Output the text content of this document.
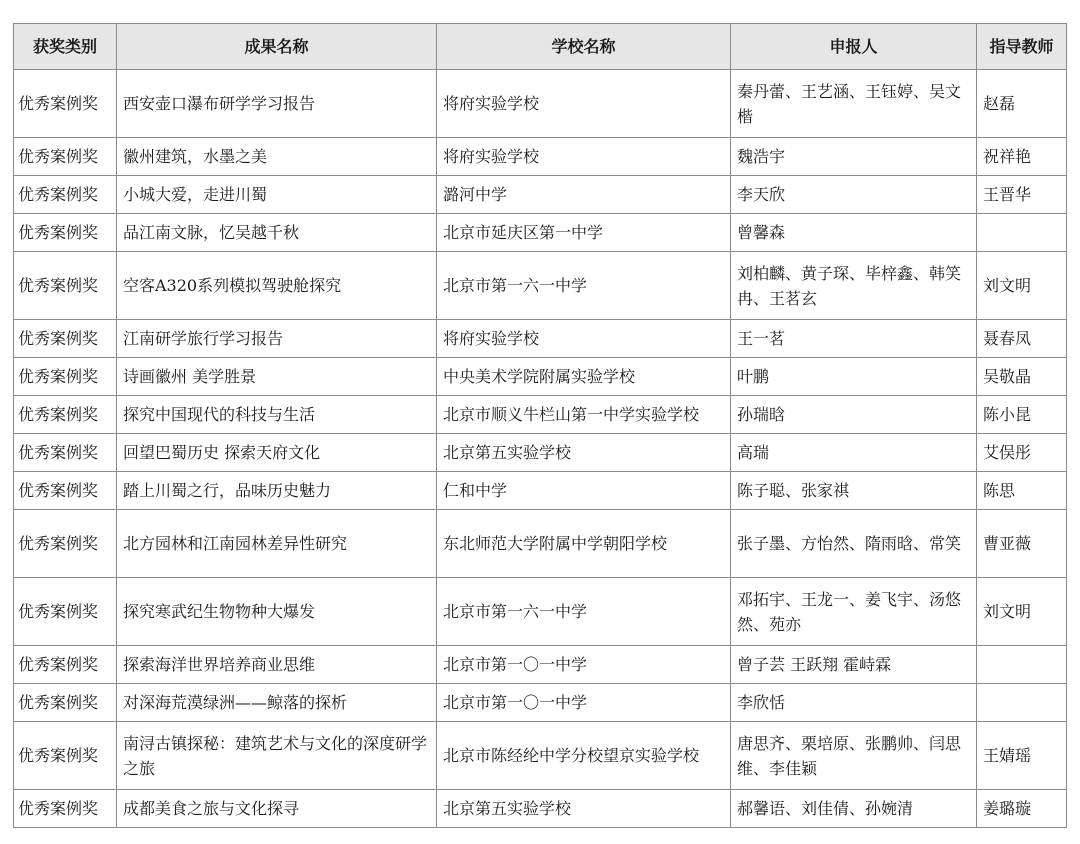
获奖类别	成果名称	学校名称	申报人	指导教师
优秀案例奖	西安壶口瀑布研学学习报告	将府实验学校	秦丹蕾、王艺涵、王钰婷、吴文楷	赵磊
优秀案例奖	徽州建筑，水墨之美	将府实验学校	魏浩宇	祝祥艳
优秀案例奖	小城大爱，走进川蜀	潞河中学	李天欣	王晋华
优秀案例奖	品江南文脉，忆吴越千秋	北京市延庆区第一中学	曾馨森	
优秀案例奖	空客A320系列模拟驾驶舱探究	北京市第一六一中学	刘柏麟、黄子琛、毕梓鑫、韩笑冉、王茗玄	刘文明
优秀案例奖	江南研学旅行学习报告	将府实验学校	王一茗	聂春凤
优秀案例奖	诗画徽州 美学胜景	中央美术学院附属实验学校	叶鹏	吴敬晶
优秀案例奖	探究中国现代的科技与生活	北京市顺义牛栏山第一中学实验学校	孙瑞晗	陈小昆
优秀案例奖	回望巴蜀历史 探索天府文化	北京第五实验学校	高瑞	艾俣彤
优秀案例奖	踏上川蜀之行，品味历史魅力	仁和中学	陈子聪、张家祺	陈思
优秀案例奖	北方园林和江南园林差异性研究	东北师范大学附属中学朝阳学校	张子墨、方怡然、隋雨晗、常笑	曹亚薇
优秀案例奖	探究寒武纪生物物种大爆发	北京市第一六一中学	邓拓宇、王龙一、姜飞宇、汤悠然、苑亦	刘文明
优秀案例奖	探索海洋世界培养商业思维	北京市第一〇一中学	曾子芸 王跃翔 霍峙霖	
优秀案例奖	对深海荒漠绿洲——鲸落的探析	北京市第一〇一中学	李欣恬	
优秀案例奖	南浔古镇探秘：建筑艺术与文化的深度研学之旅	北京市陈经纶中学分校望京实验学校	唐思齐、栗培原、张鹏帅、闫思维、李佳颖	王婧瑶
优秀案例奖	成都美食之旅与文化探寻	北京第五实验学校	郝馨语、刘佳倩、孙婉清	姜璐璇
